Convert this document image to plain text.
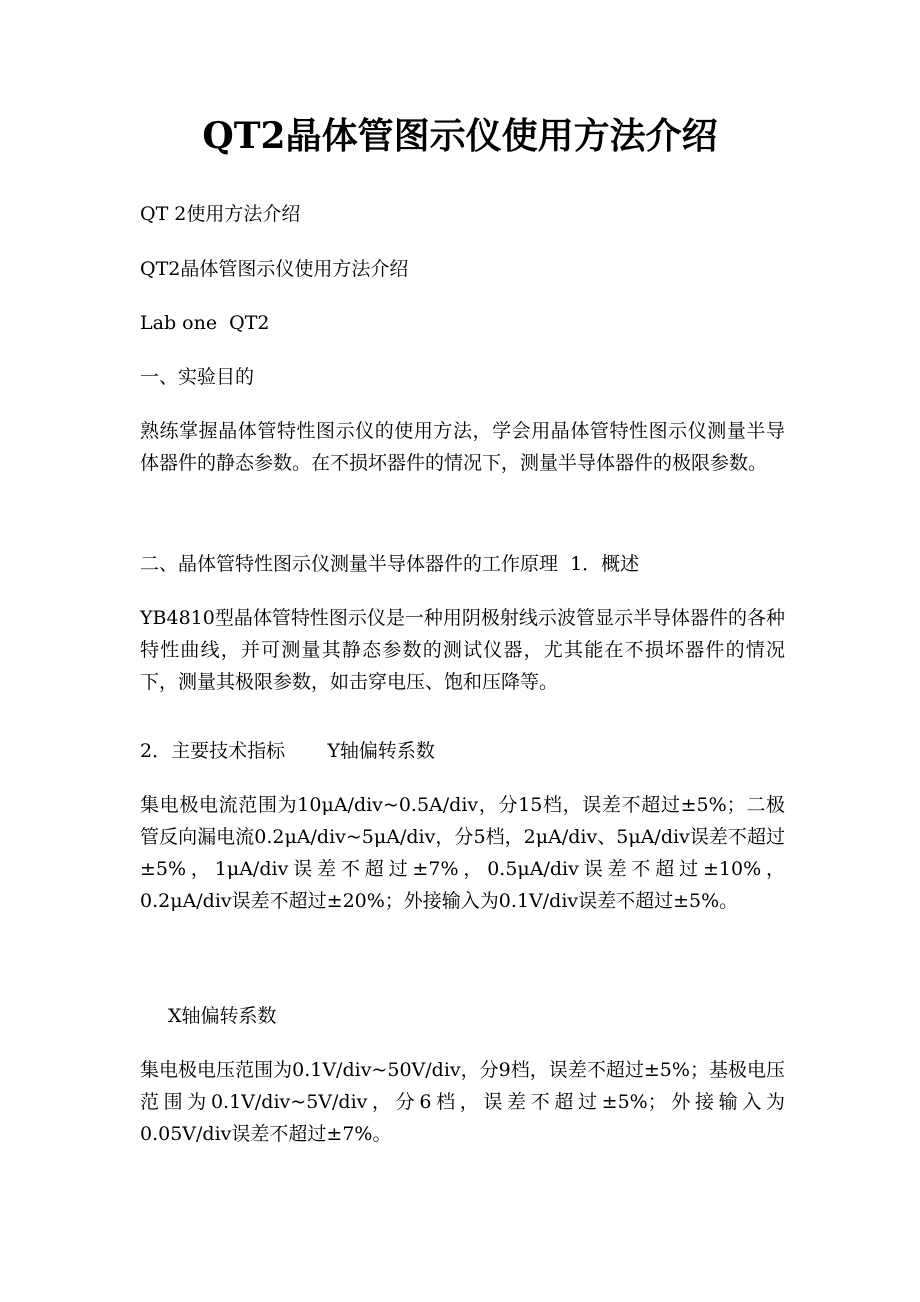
QT2晶体管图示仪使用方法介绍

QT 2使用方法介绍

QT2晶体管图示仪使用方法介绍

Lab one  QT2

一、实验目的

熟练掌握晶体管特性图示仪的使用方法，学会用晶体管特性图示仪测量半导体器件的静态参数。在不损坏器件的情况下，测量半导体器件的极限参数。

二、晶体管特性图示仪测量半导体器件的工作原理  1．概述

YB4810型晶体管特性图示仪是一种用阴极射线示波管显示半导体器件的各种特性曲线，并可测量其静态参数的测试仪器，尤其能在不损坏器件的情况下，测量其极限参数，如击穿电压、饱和压降等。

2．主要技术指标       Y轴偏转系数

集电极电流范围为10μA/div~0.5A/div，分15档，误差不超过±5%；二极管反向漏电流0.2μA/div~5μA/div，分5档，2μA/div、5μA/div误差不超过±5%，1μA/div误差不超过±7%，0.5μA/div误差不超过±10%，0.2μA/div误差不超过±20%；外接输入为0.1V/div误差不超过±5%。

X轴偏转系数

集电极电压范围为0.1V/div~50V/div，分9档，误差不超过±5%；基极电压范围为0.1V/div~5V/div，分6档，误差不超过±5%；外接输入为0.05V/div误差不超过±7%。
